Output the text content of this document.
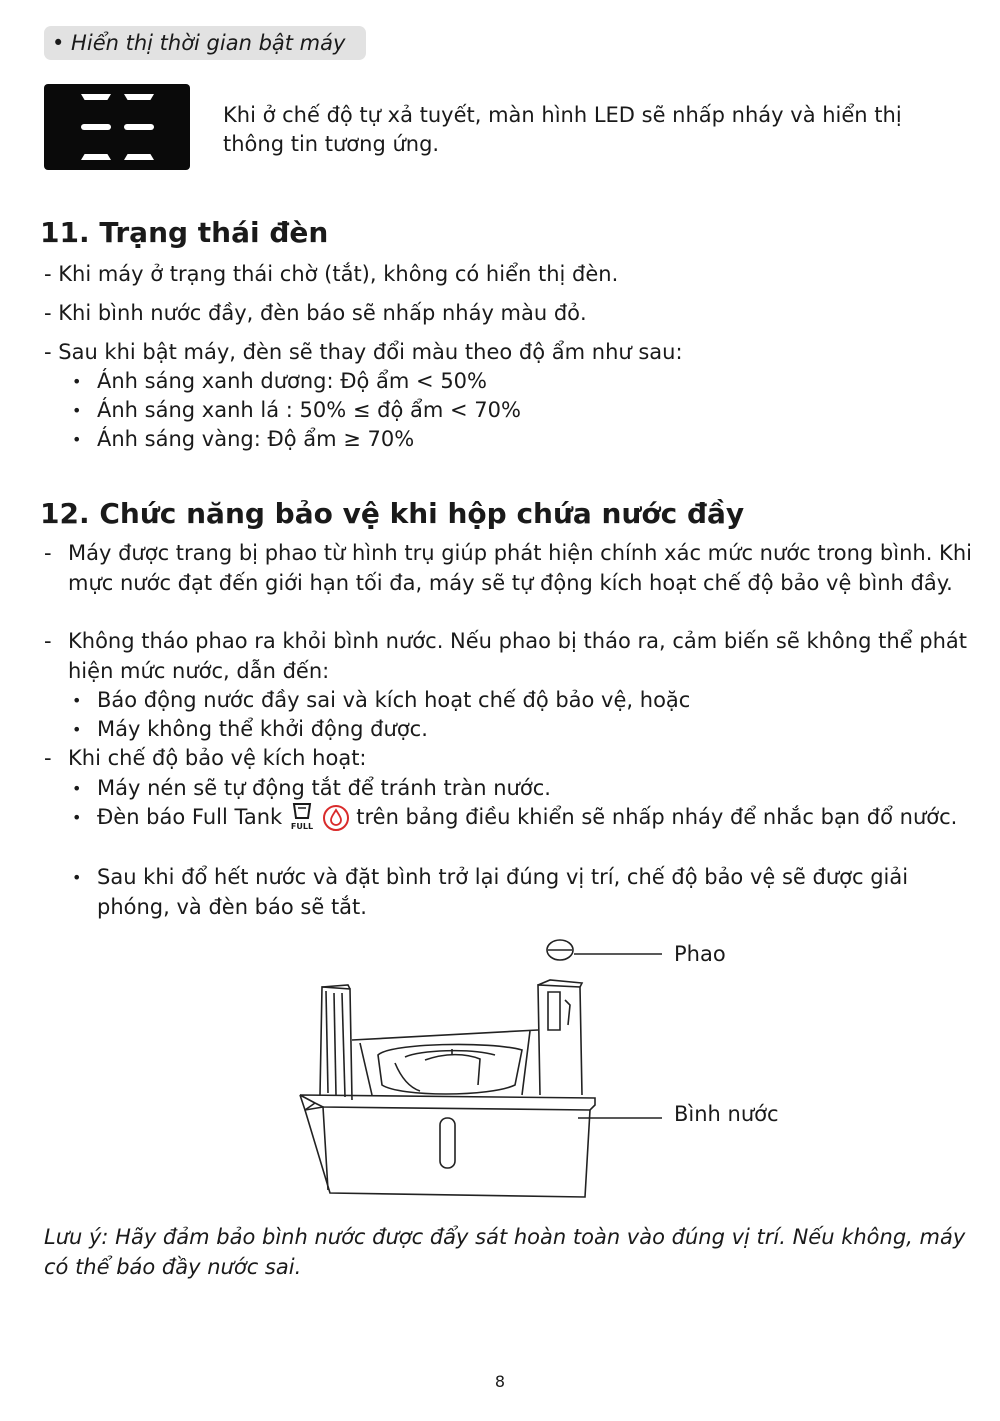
• Hiển thị thời gian bật máy
Khi ở chế độ tự xả tuyết, màn hình LED sẽ nhấp nháy và hiển thị thông tin tương ứng.
11. Trạng thái đèn
- Khi máy ở trạng thái chờ (tắt), không có hiển thị đèn.
- Khi bình nước đầy, đèn báo sẽ nhấp nháy màu đỏ.
- Sau khi bật máy, đèn sẽ thay đổi màu theo độ ẩm như sau:
• Ánh sáng xanh dương: Độ ẩm < 50%
• Ánh sáng xanh lá : 50% ≤ độ ẩm < 70%
• Ánh sáng vàng: Độ ẩm ≥ 70%
12. Chức năng bảo vệ khi hộp chứa nước đầy
- Máy được trang bị phao từ hình trụ giúp phát hiện chính xác mức nước trong bình. Khi mực nước đạt đến giới hạn tối đa, máy sẽ tự động kích hoạt chế độ bảo vệ bình đầy.
- Không tháo phao ra khỏi bình nước. Nếu phao bị tháo ra, cảm biến sẽ không thể phát hiện mức nước, dẫn đến:
• Báo động nước đầy sai và kích hoạt chế độ bảo vệ, hoặc
• Máy không thể khởi động được.
- Khi chế độ bảo vệ kích hoạt:
• Máy nén sẽ tự động tắt để tránh tràn nước.
• Đèn báo Full Tank FULL trên bảng điều khiển sẽ nhấp nháy để nhắc bạn đổ nước.
• Sau khi đổ hết nước và đặt bình trở lại đúng vị trí, chế độ bảo vệ sẽ được giải phóng, và đèn báo sẽ tắt.
Phao
Bình nước
Lưu ý: Hãy đảm bảo bình nước được đẩy sát hoàn toàn vào đúng vị trí. Nếu không, máy có thể báo đầy nước sai.
8
